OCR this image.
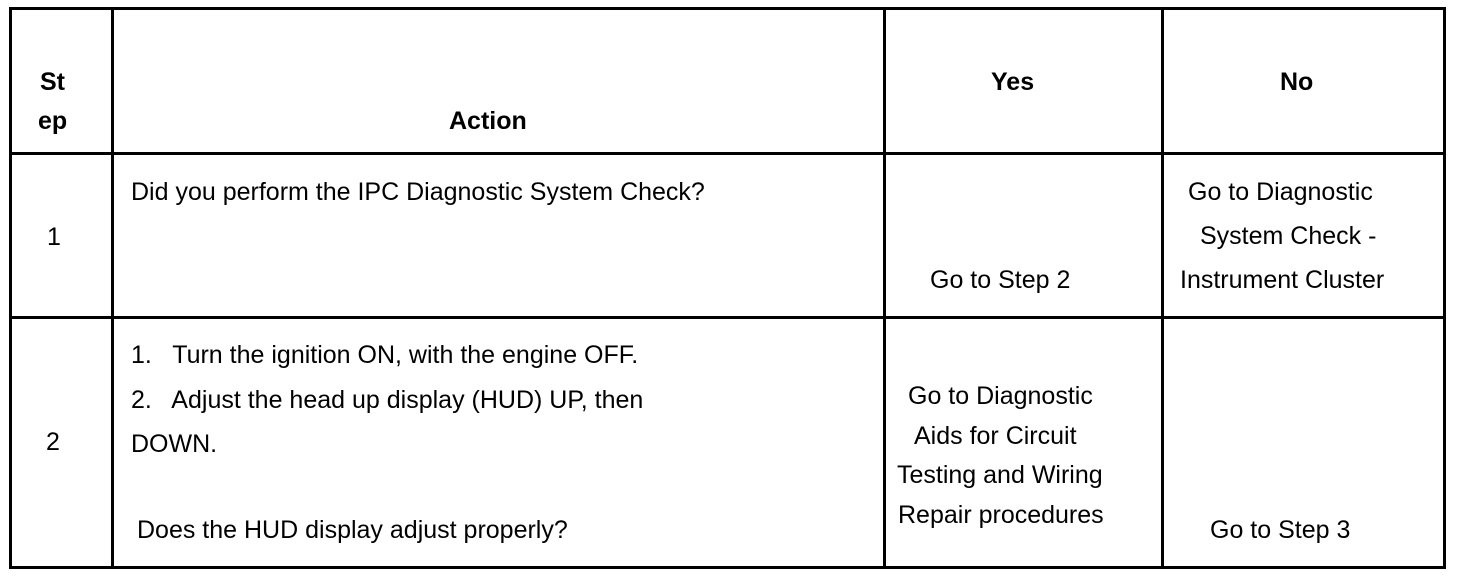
St
ep	Action
Yes	No
1
Did you perform the IPC Diagnostic System Check?
Go to Step 2
Go to Diagnostic
System Check -
Instrument Cluster
2
1.   Turn the ignition ON, with the engine OFF.
2.   Adjust the head up display (HUD) UP, then
DOWN.
Does the HUD display adjust properly?
Go to Diagnostic
Aids for Circuit
Testing and Wiring
Repair procedures
Go to Step 3
